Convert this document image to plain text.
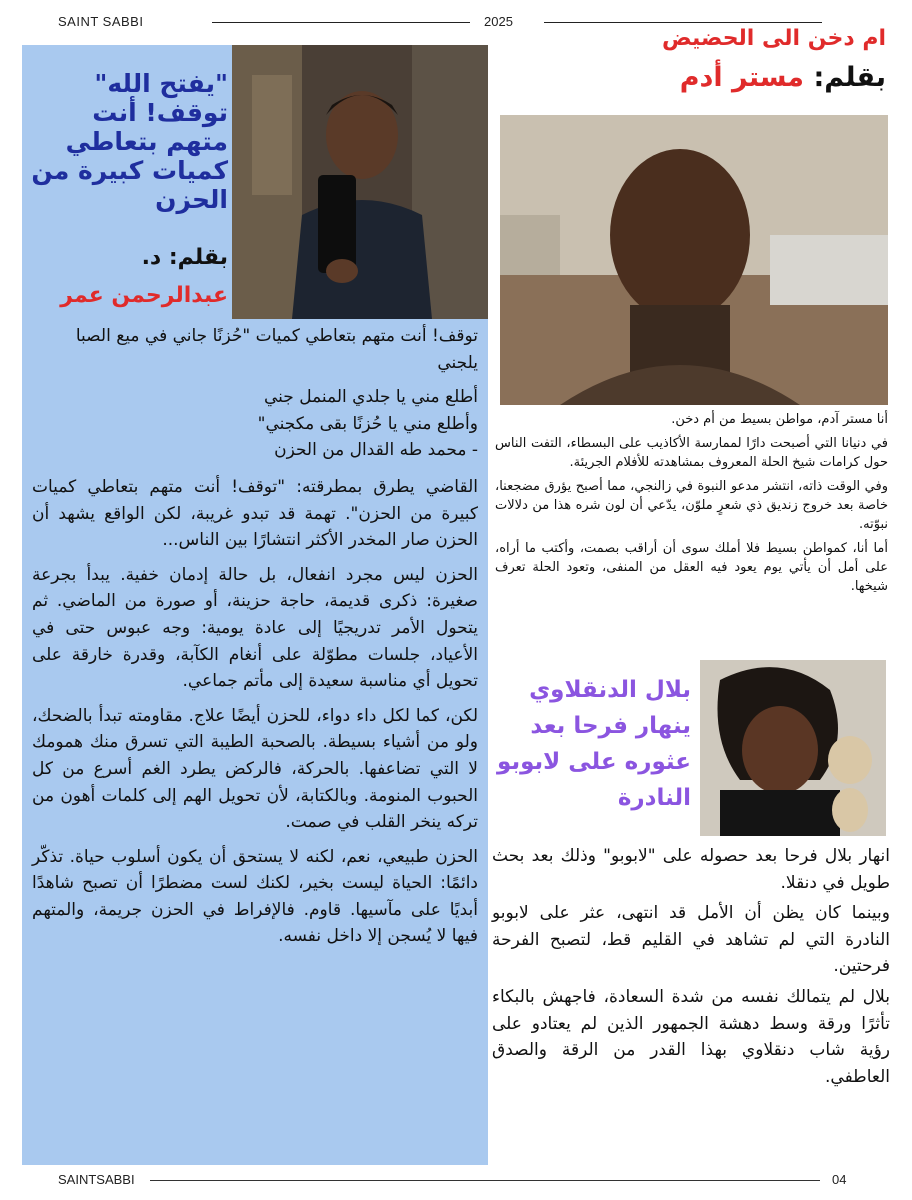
SAINT SABBI	2025
"يفتح الله" توقف! أنت متهم بتعاطي كميات كبيرة من الحزن
بقلم: د.
عبدالرحمن عمر

توقف! أنت متهم بتعاطي كميات "حُزنًا جاني في ميع الصبا يلجني

أطلع مني يا جلدي المنمل جني
وأطلع مني يا حُزنًا بقى مكجني"
- محمد طه القدال من الحزن

القاضي يطرق بمطرقته: "توقف! أنت متهم بتعاطي كميات كبيرة من الحزن". تهمة قد تبدو غريبة، لكن الواقع يشهد أن الحزن صار المخدر الأكثر انتشارًا بين الناس...

الحزن ليس مجرد انفعال، بل حالة إدمان خفية. يبدأ بجرعة صغيرة: ذكرى قديمة، حاجة حزينة، أو صورة من الماضي. ثم يتحول الأمر تدريجيًا إلى عادة يومية: وجه عبوس حتى في الأعياد، جلسات مطوّلة على أنغام الكآبة، وقدرة خارقة على تحويل أي مناسبة سعيدة إلى مأتم جماعي.

لكن، كما لكل داء دواء، للحزن أيضًا علاج. مقاومته تبدأ بالضحك، ولو من أشياء بسيطة. بالصحبة الطيبة التي تسرق منك همومك لا التي تضاعفها. بالحركة، فالركض يطرد الغم أسرع من كل الحبوب المنومة. وبالكتابة، لأن تحويل الهم إلى كلمات أهون من تركه ينخر القلب في صمت.

الحزن طبيعي، نعم، لكنه لا يستحق أن يكون أسلوب حياة. تذكّر دائمًا: الحياة ليست بخير، لكنك لست مضطرًا أن تصبح شاهدًا أبديًا على مآسيها. قاوم. فالإفراط في الحزن جريمة، والمتهم فيها لا يُسجن إلا داخل نفسه.

ام دخن الى الحضيض
بقلم: مستر أدم

أنا مستر آدم، مواطن بسيط من أم دخن.

في دنيانا التي أصبحت دارًا لممارسة الأكاذيب على البسطاء، التفت الناس حول كرامات شيخ الحلة المعروف بمشاهدته للأفلام الجريئة.

وفي الوقت ذاته، انتشر مدعو النبوة في زالنجي، مما أصبح يؤرق مضجعنا، خاصة بعد خروج زنديق ذي شعرٍ ملوّن، يدّعي أن لون شره هذا من دلالات نبوّته.

أما أنا، كمواطن بسيط فلا أملك سوى أن أراقب بصمت، وأكتب ما أراه، على أمل أن يأتي يوم يعود فيه العقل من المنفى، وتعود الحلة تعرف شيخها.

بلال الدنقلاوي ينهار فرحا بعد عثوره على لابوبو النادرة

انهار بلال فرحا بعد حصوله على "لابوبو" وذلك بعد بحث طويل في دنقلا.

وبينما كان يظن أن الأمل قد انتهى، عثر على لابوبو النادرة التي لم تشاهد في القليم قط، لتصبح الفرحة فرحتين.

بلال لم يتمالك نفسه من شدة السعادة، فاجهش بالبكاء تأثرًا ورقة وسط دهشة الجمهور الذين لم يعتادو على رؤية شاب دنقلاوي بهذا القدر من الرقة والصدق العاطفي.

SAINTSABBI	04
